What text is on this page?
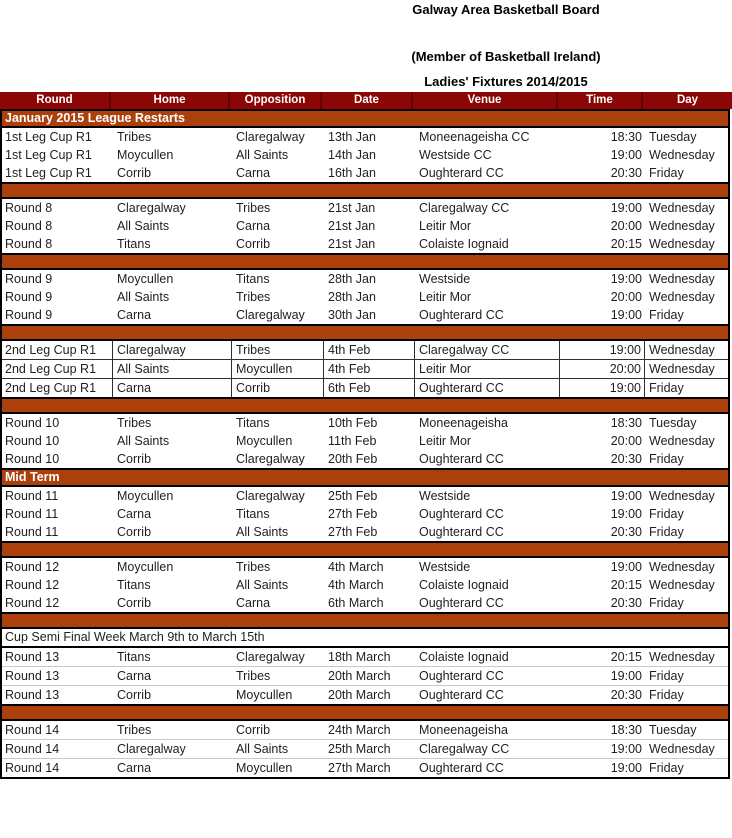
Galway Area Basketball Board
(Member of Basketball Ireland)
Ladies' Fixtures 2014/2015
Round	Home	Opposition	Date	Venue	Time	Day
January 2015 League Restarts
1st Leg Cup R1	Tribes	Claregalway	13th Jan	Moneenageisha CC	18:30 Tuesday
1st Leg Cup R1	Moycullen	All Saints	14th Jan	Westside CC	19:00 Wednesday
1st Leg Cup R1	Corrib	Carna	16th Jan	Oughterard CC	20:30 Friday
Round 8	Claregalway	Tribes	21st Jan	Claregalway CC	19:00 Wednesday
Round 8	All Saints	Carna	21st Jan	Leitir Mor	20:00 Wednesday
Round 8	Titans	Corrib	21st Jan	Colaiste Iognaid	20:15 Wednesday
Round 9	Moycullen	Titans	28th Jan	Westside	19:00 Wednesday
Round 9	All Saints	Tribes	28th Jan	Leitir Mor	20:00 Wednesday
Round 9	Carna	Claregalway	30th Jan	Oughterard CC	19:00 Friday
2nd Leg Cup R1	Claregalway	Tribes	4th Feb	Claregalway CC	19:00 Wednesday
2nd Leg Cup R1	All Saints	Moycullen	4th Feb	Leitir Mor	20:00 Wednesday
2nd Leg Cup R1	Carna	Corrib	6th Feb	Oughterard CC	19:00 Friday
Round 10	Tribes	Titans	10th Feb	Moneenageisha	18:30 Tuesday
Round 10	All Saints	Moycullen	11th Feb	Leitir Mor	20:00 Wednesday
Round 10	Corrib	Claregalway	20th Feb	Oughterard CC	20:30 Friday
Mid Term
Round 11	Moycullen	Claregalway	25th Feb	Westside	19:00 Wednesday
Round 11	Carna	Titans	27th Feb	Oughterard CC	19:00 Friday
Round 11	Corrib	All Saints	27th Feb	Oughterard CC	20:30 Friday
Round 12	Moycullen	Tribes	4th March	Westside	19:00 Wednesday
Round 12	Titans	All Saints	4th March	Colaiste Iognaid	20:15 Wednesday
Round 12	Corrib	Carna	6th March	Oughterard CC	20:30 Friday
Cup Semi Final Week March 9th to March 15th
Round 13	Titans	Claregalway	18th March	Colaiste Iognaid	20:15 Wednesday
Round 13	Carna	Tribes	20th March	Oughterard CC	19:00 Friday
Round 13	Corrib	Moycullen	20th March	Oughterard CC	20:30 Friday
Round 14	Tribes	Corrib	24th March	Moneenageisha	18:30 Tuesday
Round 14	Claregalway	All Saints	25th March	Claregalway CC	19:00 Wednesday
Round 14	Carna	Moycullen	27th March	Oughterard CC	19:00 Friday
